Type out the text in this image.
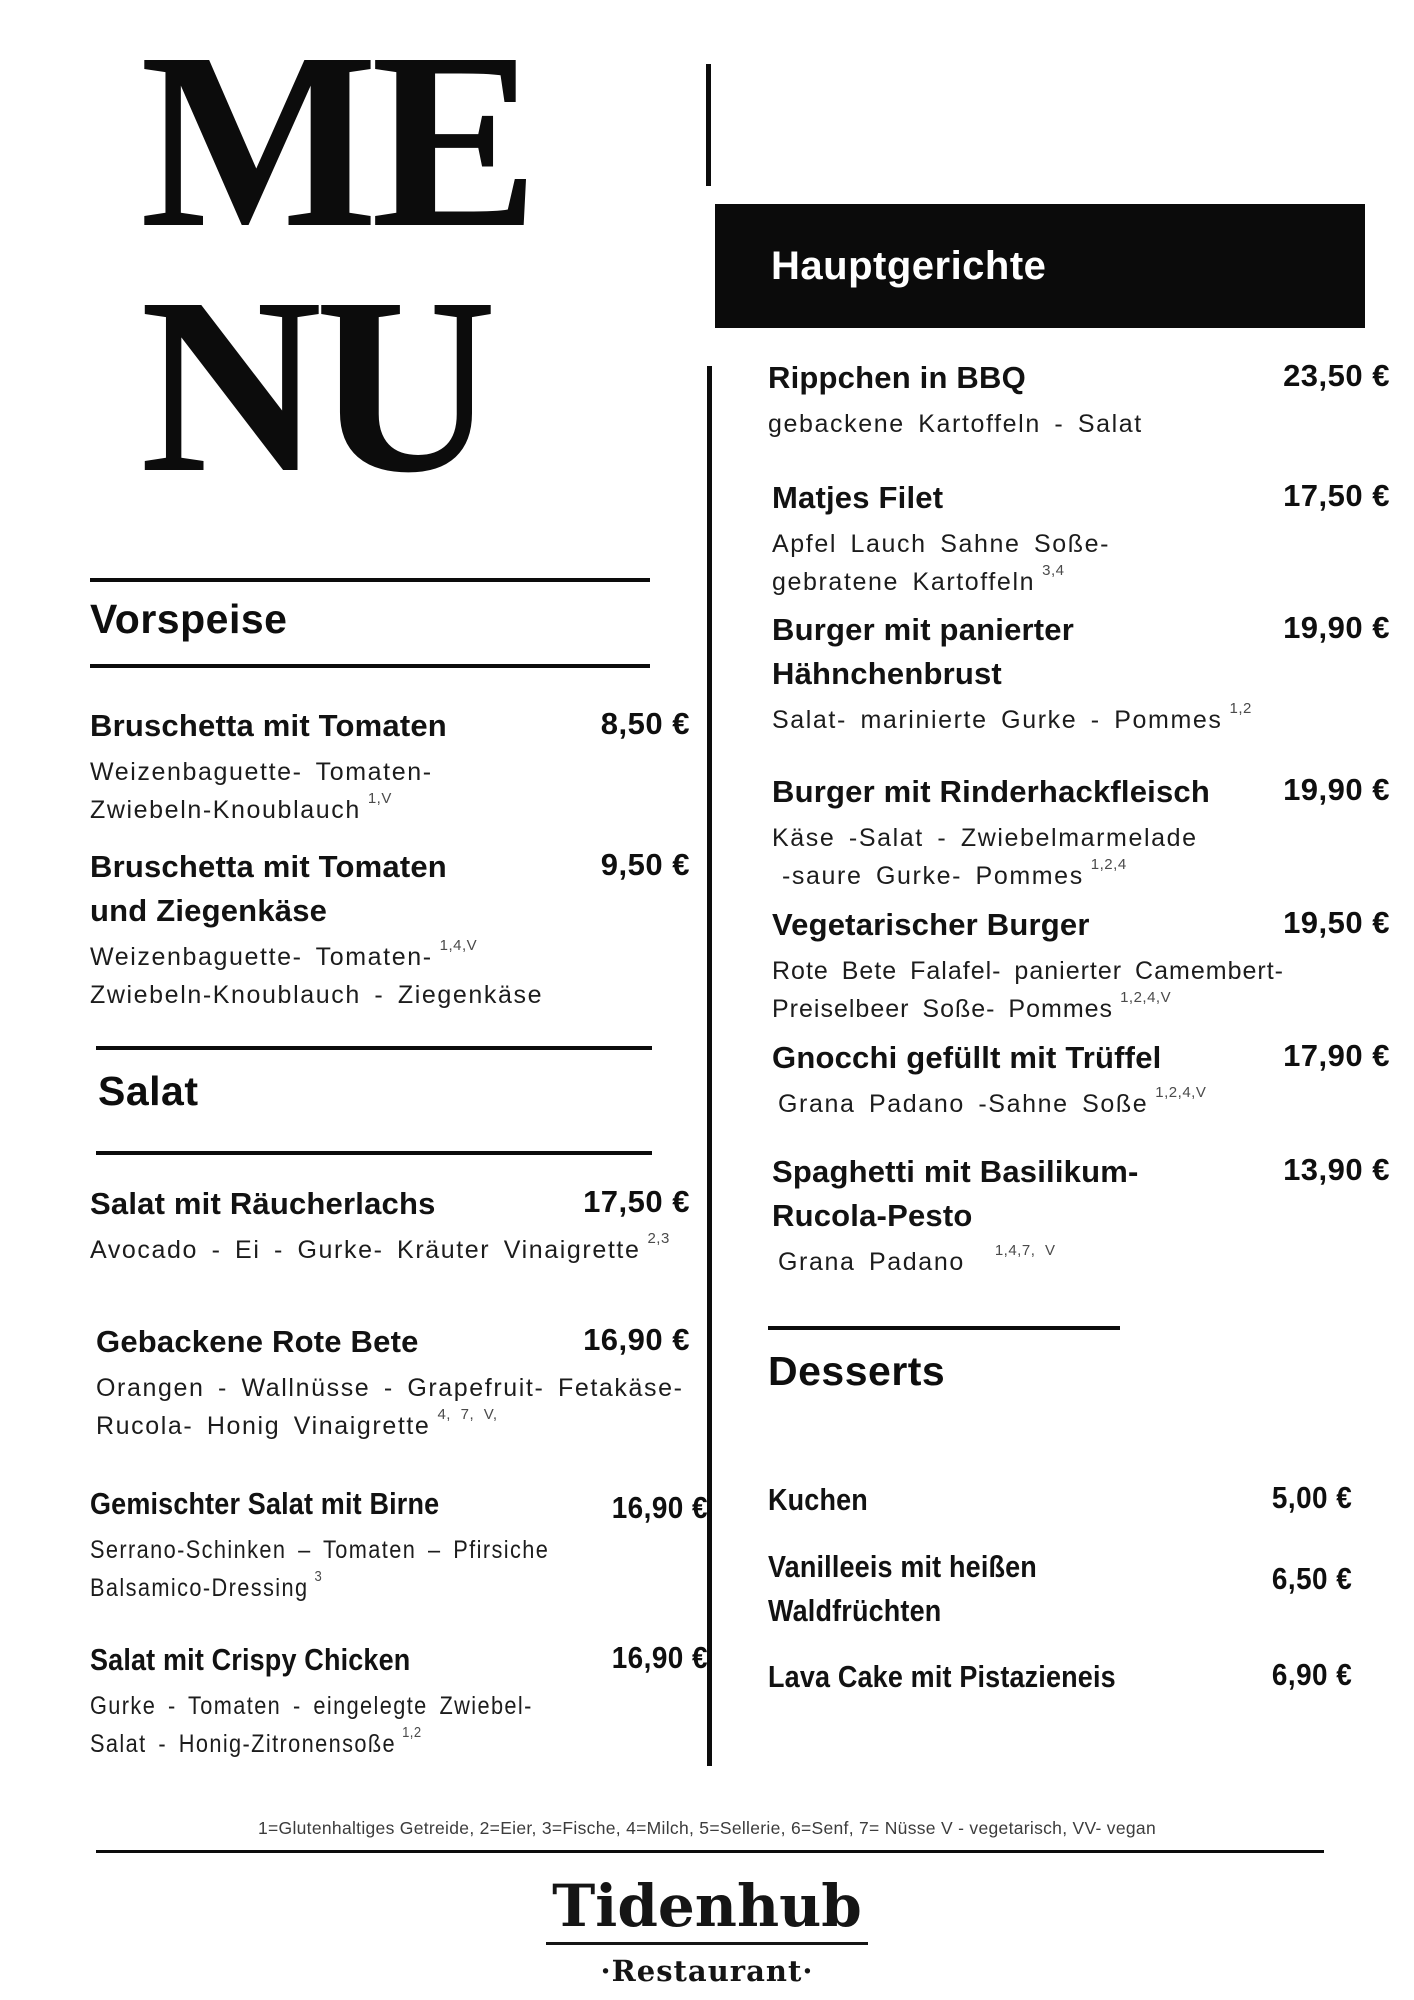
ME
NU
Vorspeise
8,50 €
Bruschetta mit Tomaten
Weizenbaguette- Tomaten-
Zwiebeln-Knoublauch $^{1,V}$
9,50 €
Bruschetta mit Tomaten
und Ziegenkäse
Weizenbaguette- Tomaten- $^{1,4,V}$
Zwiebeln-Knoublauch - Ziegenkäse
Salat
17,50 €
Salat mit Räucherlachs
Avocado - Ei - Gurke- Kräuter Vinaigrette $^{2,3}$
16,90 €
Gebackene Rote Bete
Orangen - Wallnüsse - Grapefruit- Fetakäse-
Rucola- Honig Vinaigrette $^{4, 7, V,}$
16,90 €
Gemischter Salat mit Birne
Serrano-Schinken – Tomaten – Pfirsiche
Balsamico-Dressing $^3$
16,90 €
Salat mit Crispy Chicken
Gurke - Tomaten - eingelegte Zwiebel-
Salat - Honig-Zitronensoße $^{1,2}$
Hauptgerichte
23,50 €
Rippchen in BBQ
gebackene Kartoffeln - Salat
17,50 €
Matjes Filet
Apfel Lauch Sahne Soße-
gebratene Kartoffeln $^{3,4}$
19,90 €
Burger mit panierter
Hähnchenbrust
Salat- marinierte Gurke - Pommes $^{1,2}$
19,90 €
Burger mit Rinderhackfleisch
Käse -Salat - Zwiebelmarmelade
-saure Gurke- Pommes $^{1,2,4}$
19,50 €
Vegetarischer Burger
Rote Bete Falafel- panierter Camembert-
Preiselbeer Soße- Pommes $^{1,2,4,V}$
17,90 €
Gnocchi gefüllt mit Trüffel
Grana Padano -Sahne Soße $^{1,2,4,V}$
13,90 €
Spaghetti mit Basilikum-
Rucola-Pesto
Grana Padano $^{1,4,7, V}$
Desserts
5,00 €
Kuchen
6,50 €
Vanilleeis mit heißen
Waldfrüchten
6,90 €
Lava Cake mit Pistazieneis
1=Glutenhaltiges Getreide, 2=Eier, 3=Fische, 4=Milch, 5=Sellerie, 6=Senf, 7= Nüsse V - vegetarisch, VV- vegan
Tidenhub
·Restaurant·
